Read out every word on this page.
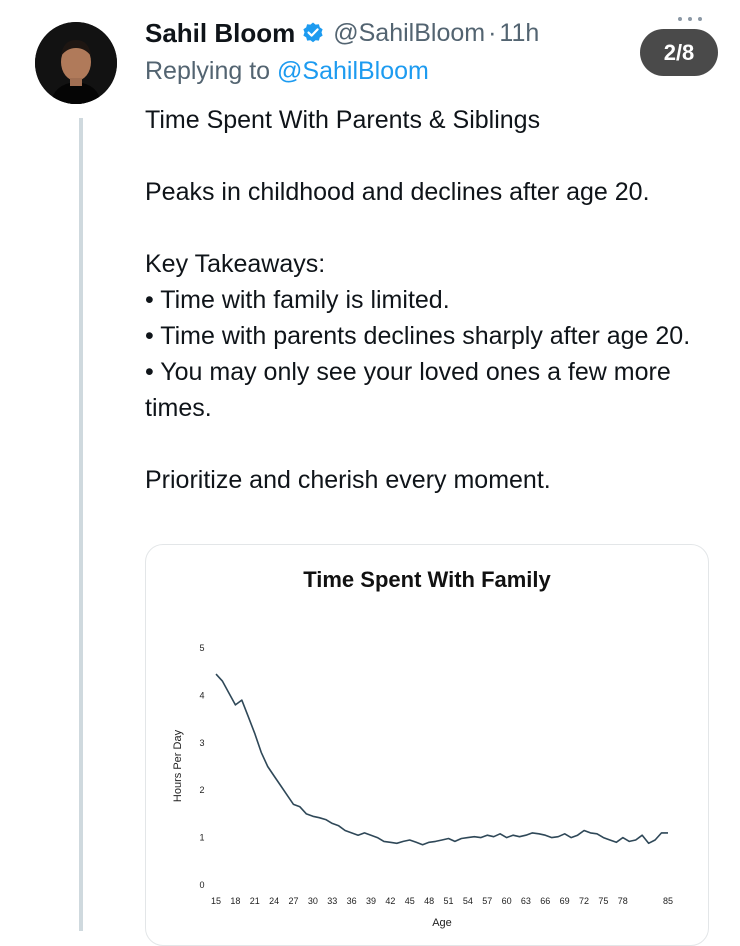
Sahil Bloom @SahilBloom · 11h
2/8
Replying to @SahilBloom

Time Spent With Parents & Siblings

Peaks in childhood and declines after age 20.

Key Takeaways:

• Time with family is limited.

• Time with parents declines sharply after age 20.

• You may only see your loved ones a few more times.

Prioritize and cherish every moment.

Time Spent With Family
0
1
2
3
4
5
15 18 21 24 27 30 33 36 39 42 45 48 51 54 57 60 63 66 69 72 75 78	85
Age
Hours Per Day
